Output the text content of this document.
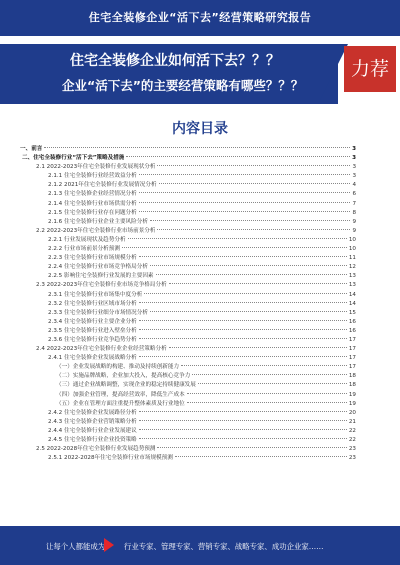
住宅全装修企业“活下去”经营策略研究报告
住宅全装修企业如何活下去？？？
企业“活下去”的主要经营策略有哪些？？？
力荐
内容目录
一、前言	3
二、住宅全装修行业“活下去”策略及措施	3
2.1 2022-2023年住宅全装修行业发展现状分析	3
2.1.1 住宅全装修行业经营效益分析	3
2.1.2 2021年住宅全装修行业发展情况分析	4
2.1.3 住宅全装修企业经营情况分析	6
2.1.4 住宅全装修行业市场供需分析	7
2.1.5 住宅全装修行业存在问题分析	8
2.1.6 住宅全装修行业企业主要风险分析	9
2.2 2022-2023年住宅全装修行业市场前景分析	9
2.2.1 行业发展现状及趋势分析	10
2.2.2 行业市场前景分析预测	10
2.2.3 住宅全装修行业市场规模分析	11
2.2.4 住宅全装修行业市场竞争格局分析	12
2.2.5 影响住宅全装修行业发展的主要因素	13
2.3 2022-2023年住宅全装修行业市场竞争格局分析	13
2.3.1 住宅全装修行业市场集中度分析	14
2.3.2 住宅全装修行业区域市场分析	14
2.3.3 住宅全装修行业细分市场情况分析	15
2.3.4 住宅全装修行业主要企业分析	16
2.3.5 住宅全装修行业进入壁垒分析	16
2.3.6 住宅全装修行业竞争趋势分析	17
2.4 2022-2023年住宅全装修行业企业经营策略分析	17
2.4.1 住宅全装修企业发展战略分析	17
（一）企业发展战略的构建、推动及持续创新能力	17
（二）实施品牌战略，企业加大投入，提高核心竞争力	18
（三）通过企业战略调整，实现企业的稳定持续健康发展	18
（四）加强企业管理，提高经营效率，降低生产成本	19
（五）企业在管理方面注重提升整体素质及行业地位	19
2.4.2 住宅全装修企业发展路径分析	20
2.4.3 住宅全装修企业营销策略分析	21
2.4.4 住宅全装修行业企业发展建议	22
2.4.5 住宅全装修行业企业投资策略	22
2.5 2022-2028年住宅全装修行业发展趋势预测	23
2.5.1 2022-2028年住宅全装修行业市场规模预测	23
让每个人都能成为	行业专家、管理专家、营销专家、战略专家、成功企业家……
